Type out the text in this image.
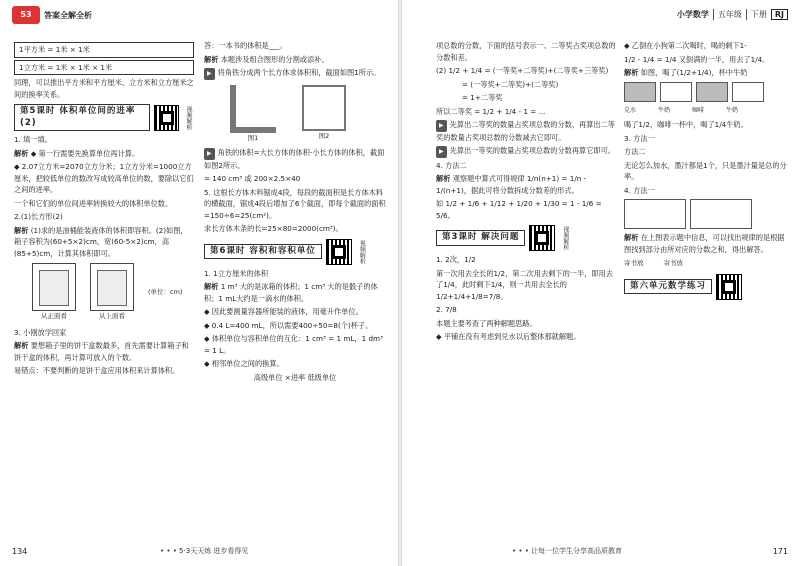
53	答案全解全析
1平方米 = 1米 × 1米
1立方米 = 1米 × 1米 × 1米

同理，可以推出平方米和平方厘米、立方米和立方厘米之间的换率关系。

第5课时 体积单位间的进率(2)	视频解析

1. 填一填。

解析 ◆ 第一行需要先换算单位再计算。

◆ 2.07立方米=2070立方分米；1立方分米=1000立方厘米，把较低单位的数改写成较高单位的数，要除以它们之间的进率。

一个和它们的单位间进率转换较大的体积单位数。

2.(1)长方形(2)

解析 (1)求的是油桶能装液体的体积即容积。(2)如图，箱子容积为(60+5×2)cm，宽(60-5×2)cm，高(85+5)cm，计算其体积即可。

从正面看	从上面看
(单位：cm)

3. 小刚放学回家

解析 要想箱子里的饼干盒数最多，首先需要计算箱子和饼干盒的体积，再计算可放入的个数。

易错点：不要判断的是饼干盒应用体积来计算体积。

答：一本书的体积是___。

解析 本题涉及组合图形的分割或添补。

▶ 将角铁分成两个长方体求体积和，截面如图1所示。

图1	图2

▶ 角铁的体积=大长方体的体积-小长方体的体积，截面如图2所示。

= 140 cm³ 或 200×2.5×40

5. 这根长方体木料锯成4段，每段的截面积是长方体木料的横截面，锯成4段后增加了6个截面，即每个截面的面积=150÷6=25(cm²)。

求长方体木条的长=25×80=2000(cm³)。

第6课时 容积和容积单位	视频解析

1. 1立方厘米的体积

解析 1 m³ 大的是冰箱的体积；1 cm³ 大的是骰子的体积；1 mL大约是一滴水的体积。

◆ 因此要测量容器所能装的液体，用毫升作单位。

◆ 0.4 L=400 mL，所以需要400÷50=8(个)杯子。

◆ 体积单位与容积单位的互化：1 cm³ = 1 mL，1 dm³ = 1 L。

◆ 相邻单位之间的换算。

高级单位 ×进率 低级单位

134	• • • 5·3天天练 进步看得见
小学数学	五年级	下册	RJ

项总数的分数，下面的括号表示一、二等奖占奖项总数的分数和差。

(2) 1/2 + 1/4 = (一等奖+二等奖)+(二等奖+三等奖)

= (一等奖+二等奖)+(二等奖)

= 1+二等奖

所以二等奖 = 1/2 + 1/4 - 1 = ...

▶ 先算出二等奖的数量占奖项总数的分数，再算出二等奖的数量占奖项总数的分数减去它即可。

▶ 先算出一等奖的数量占奖项总数的分数再算它即可。

4. 方法二

解析 观察题中算式可得规律 1/n(n+1) = 1/n - 1/(n+1)，据此可将分数拆成分数差的形式。

如 1/2 + 1/6 + 1/12 + 1/20 + 1/30 = 1 - 1/6 = 5/6。

第3课时 解决问题	视频解析

1. 2次，1/2

第一次用去全长的1/2，第二次用去剩下的一半，即用去了1/4，此时剩下1/4，则一共用去全长的1/2+1/4+1/8=7/8。

2. 7/8

本题主要考查了两种解题思路。

◆ 平铺在没有考虑到兑水以后整体那就解题。

◆ 乙倒在小狗第二次喝时，喝的剩下1-

1/2 - 1/4 = 1/4 又倒满的一半，用去了1/4。

解析 如图，喝了(1/2+1/4)，杯中牛奶

兑水	牛奶	咖啡	牛奶

喝了1/2，咖啡一杯中，喝了1/4牛奶。

3. 方法一

方法二

无论怎么加水，墨汁都是1个，只是墨汁量是总的分率。

4. 方法一

解析 在上图表示题中信息，可以找出规律的是根据图找到部分由所对应的分数之和，得出解答。

寄书放	寄书放
第六单元数学练习
• • • 让每一位学生分享高品质教育	171
